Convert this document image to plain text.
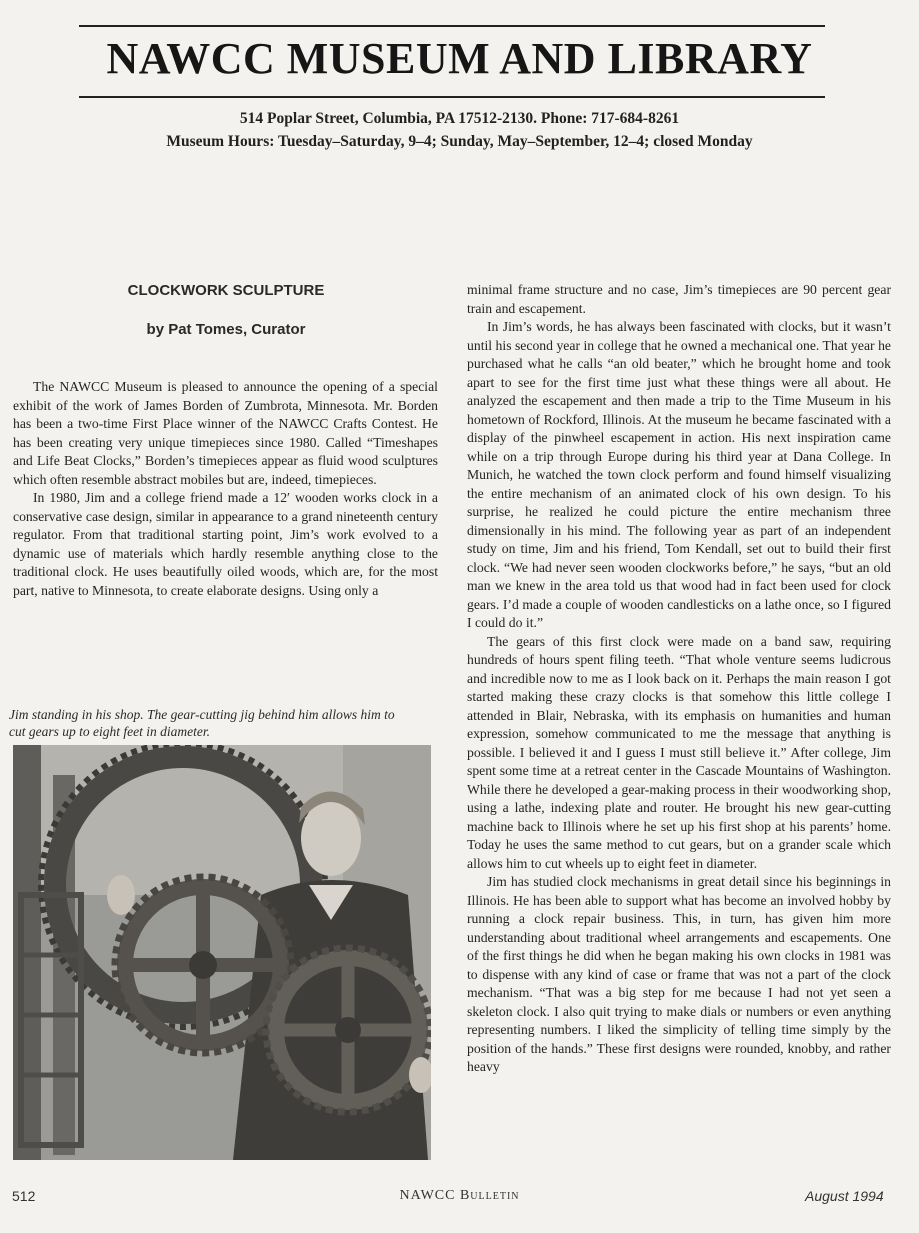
NAWCC MUSEUM AND LIBRARY
514 Poplar Street, Columbia, PA 17512-2130. Phone: 717-684-8261
Museum Hours: Tuesday–Saturday, 9–4; Sunday, May–September, 12–4; closed Monday
CLOCKWORK SCULPTURE
by Pat Tomes, Curator

The NAWCC Museum is pleased to announce the opening of a special exhibit of the work of James Borden of Zumbrota, Minnesota. Mr. Borden has been a two-time First Place winner of the NAWCC Crafts Contest. He has been creating very unique timepieces since 1980. Called “Timeshapes and Life Beat Clocks,” Borden’s timepieces appear as fluid wood sculptures which often resemble abstract mobiles but are, indeed, timepieces.

In 1980, Jim and a college friend made a 12′ wooden works clock in a conservative case design, similar in appearance to a grand nineteenth century regulator. From that traditional starting point, Jim’s work evolved to a dynamic use of materials which hardly resemble anything close to the traditional clock. He uses beautifully oiled woods, which are, for the most part, native to Minnesota, to create elaborate designs. Using only a

Jim standing in his shop. The gear-cutting jig behind him allows him to cut gears up to eight feet in diameter.

minimal frame structure and no case, Jim’s timepieces are 90 percent gear train and escapement.

In Jim’s words, he has always been fascinated with clocks, but it wasn’t until his second year in college that he owned a mechanical one. That year he purchased what he calls “an old beater,” which he brought home and took apart to see for the first time just what these things were all about. He analyzed the escapement and then made a trip to the Time Museum in his hometown of Rockford, Illinois. At the museum he became fascinated with a display of the pinwheel escapement in action. His next inspiration came while on a trip through Europe during his third year at Dana College. In Munich, he watched the town clock perform and found himself visualizing the entire mechanism of an animated clock of his own design. To his surprise, he realized he could picture the entire mechanism three dimensionally in his mind. The following year as part of an independent study on time, Jim and his friend, Tom Kendall, set out to build their first clock. “We had never seen wooden clockworks before,” he says, “but an old man we knew in the area told us that wood had in fact been used for clock gears. I’d made a couple of wooden candlesticks on a lathe once, so I figured I could do it.”

The gears of this first clock were made on a band saw, requiring hundreds of hours spent filing teeth. “That whole venture seems ludicrous and incredible now to me as I look back on it. Perhaps the main reason I got started making these crazy clocks is that somehow this little college I attended in Blair, Nebraska, with its emphasis on humanities and human expression, somehow communicated to me the message that anything is possible. I believed it and I guess I must still believe it.” After college, Jim spent some time at a retreat center in the Cascade Mountains of Washington. While there he developed a gear-making process in their woodworking shop, using a lathe, indexing plate and router. He brought his new gear-cutting machine back to Illinois where he set up his first shop at his parents’ home. Today he uses the same method to cut gears, but on a grander scale which allows him to cut wheels up to eight feet in diameter.

Jim has studied clock mechanisms in great detail since his beginnings in Illinois. He has been able to support what has become an involved hobby by running a clock repair business. This, in turn, has given him more understanding about traditional wheel arrangements and escapements. One of the first things he did when he began making his own clocks in 1981 was to dispense with any kind of case or frame that was not a part of the clock mechanism. “That was a big step for me because I had not yet seen a skeleton clock. I also quit trying to make dials or numbers or even anything representing numbers. I liked the simplicity of telling time simply by the position of the hands.” These first designs were rounded, knobby, and rather heavy

512	NAWCC Bulletin	August 1994
